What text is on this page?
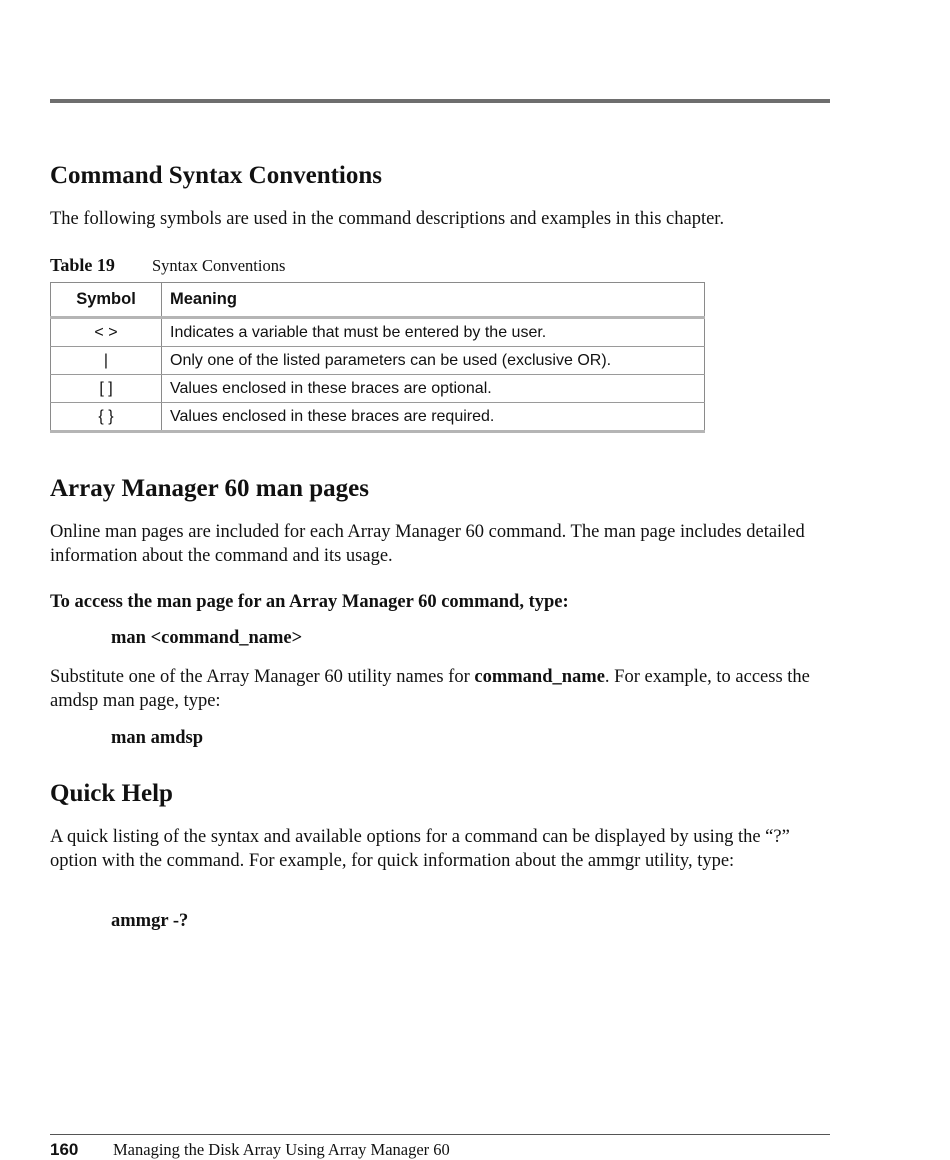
Command Syntax Conventions

The following symbols are used in the command descriptions and examples in this chapter.

Table 19 Syntax Conventions
Symbol	Meaning
< >	Indicates a variable that must be entered by the user.
|	Only one of the listed parameters can be used (exclusive OR).
[ ]	Values enclosed in these braces are optional.
{ }	Values enclosed in these braces are required.
Array Manager 60 man pages

Online man pages are included for each Array Manager 60 command. The man page includes detailed information about the command and its usage.

To access the man page for an Array Manager 60 command, type:

man <command_name>

Substitute one of the Array Manager 60 utility names for command_name. For example, to access the amdsp man page, type:

man amdsp

Quick Help

A quick listing of the syntax and available options for a command can be displayed by using the “?” option with the command. For example, for quick information about the ammgr utility, type:

ammgr -?

160 Managing the Disk Array Using Array Manager 60
